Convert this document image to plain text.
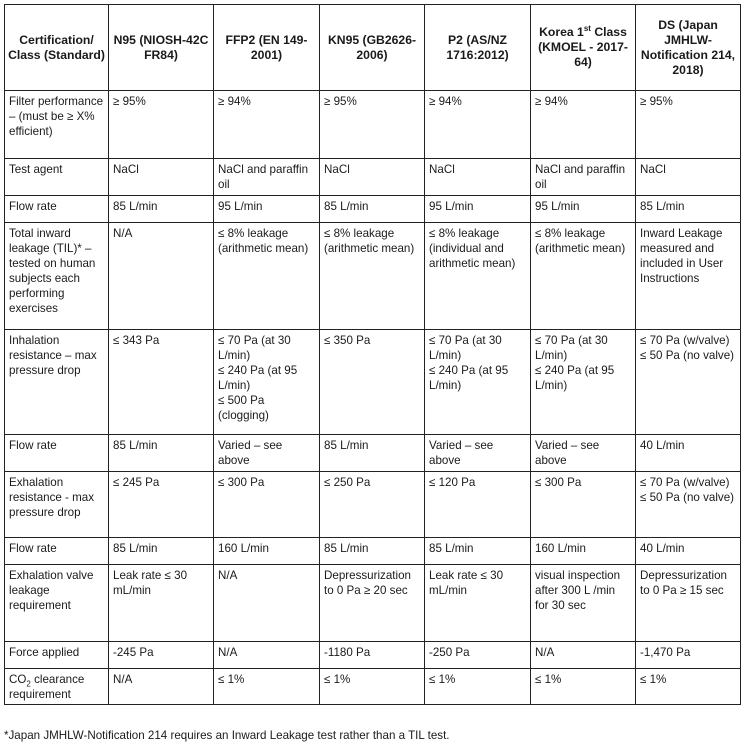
Certification/ Class (Standard)	N95 (NIOSH-42C FR84)	FFP2 (EN 149-2001)	KN95 (GB2626-2006)	P2 (AS/NZ 1716:2012)	Korea 1st Class (KMOEL - 2017-64)	DS (Japan JMHLW-Notification 214, 2018)
Filter performance – (must be ≥ X% efficient)	≥ 95%	≥ 94%	≥ 95%	≥ 94%	≥ 94%	≥ 95%

Test agent	NaCl	NaCl and paraffin oil	NaCl	NaCl	NaCl and paraffin oil	NaCl

Flow rate	85 L/min	95 L/min	85 L/min	95 L/min	95 L/min	85 L/min

Total inward leakage (TIL)* – tested on human subjects each performing exercises	N/A	≤ 8% leakage (arithmetic mean)	≤ 8% leakage (arithmetic mean)	≤ 8% leakage (individual and arithmetic mean)	≤ 8% leakage (arithmetic mean)	Inward Leakage measured and included in User Instructions

Inhalation resistance – max pressure drop	≤ 343 Pa	≤ 70 Pa (at 30 L/min)
≤ 240 Pa (at 95 L/min)
≤ 500 Pa (clogging)	≤ 350 Pa	≤ 70 Pa (at 30 L/min)
≤ 240 Pa (at 95 L/min)	≤ 70 Pa (at 30 L/min)
≤ 240 Pa (at 95 L/min)	≤ 70 Pa (w/valve)
≤ 50 Pa (no valve)

Flow rate	85 L/min	Varied – see above	85 L/min	Varied – see above	Varied – see above	40 L/min

Exhalation resistance - max pressure drop	≤ 245 Pa	≤ 300 Pa	≤ 250 Pa	≤ 120 Pa	≤ 300 Pa	≤ 70 Pa (w/valve)
≤ 50 Pa (no valve)

Flow rate	85 L/min	160 L/min	85 L/min	85 L/min	160 L/min	40 L/min

Exhalation valve leakage requirement	Leak rate ≤ 30 mL/min	N/A	Depressurization to 0 Pa ≥ 20 sec	Leak rate ≤ 30 mL/min	visual inspection after 300 L /min for 30 sec	Depressurization to 0 Pa ≥ 15 sec

Force applied	-245 Pa	N/A	-1180 Pa	-250 Pa	N/A	-1,470 Pa

$CO_2$ clearance requirement	N/A	≤ 1%	≤ 1%	≤ 1%	≤ 1%	≤ 1%
*Japan JMHLW-Notification 214 requires an Inward Leakage test rather than a TIL test.
